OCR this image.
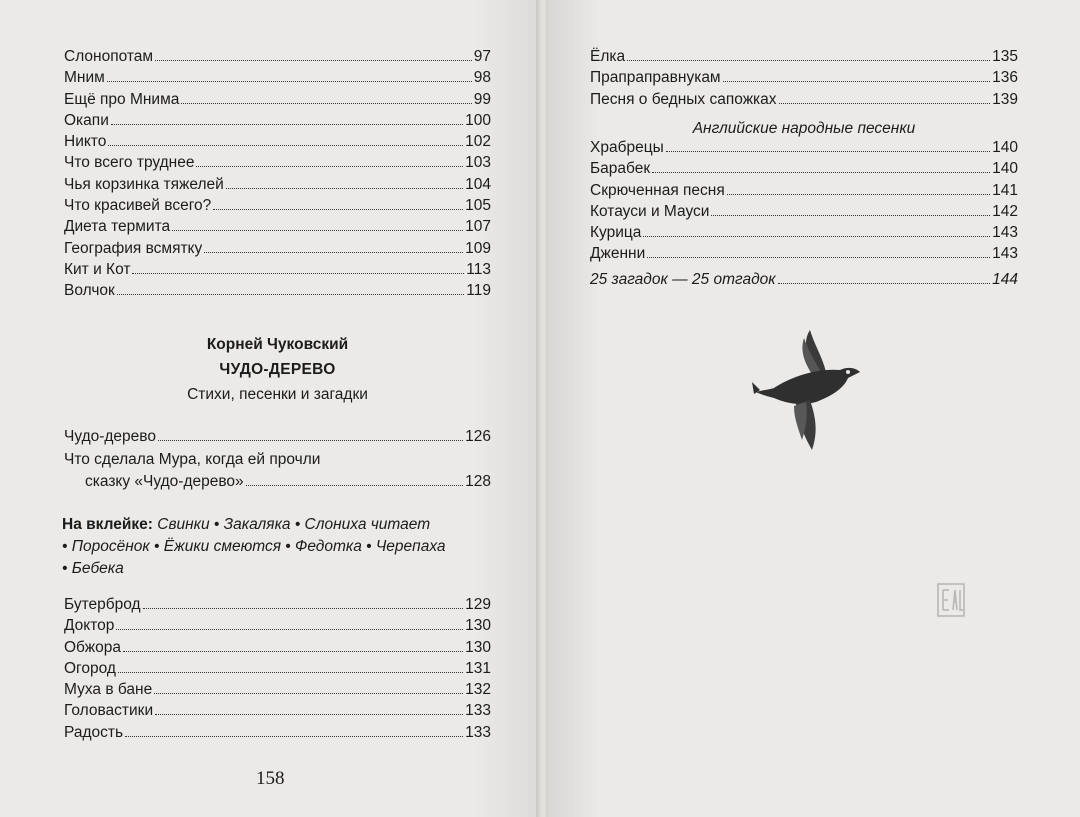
Слонопотам	97
Мним	98
Ещё про Мнима	99
Окапи	100
Никто	102
Что всего труднее	103
Чья корзинка тяжелей	104
Что красивей всего?	105
Диета термита	107
География всмятку	109
Кит и Кот	113
Волчок	119
Корней Чуковский
ЧУДО-ДЕРЕВО
Стихи, песенки и загадки
Чудо-дерево	126
Что сделала Мура, когда ей прочли
сказку «Чудо-дерево»	128
На вклейке: Свинки • Закаляка • Слониха читает
• Поросёнок • Ёжики смеются • Федотка • Черепаха
• Бебека
Бутерброд	129
Доктор	130
Обжора	130
Огород	131
Муха в бане	132
Головастики	133
Радость	133
158
Ёлка	135
Прапраправнукам	136
Песня о бедных сапожках	139
Английские народные песенки
Храбрецы	140
Барабек	140
Скрюченная песня	141
Котауси и Мауси	142
Курица	143
Дженни	143
25 загадок — 25 отгадок	144
